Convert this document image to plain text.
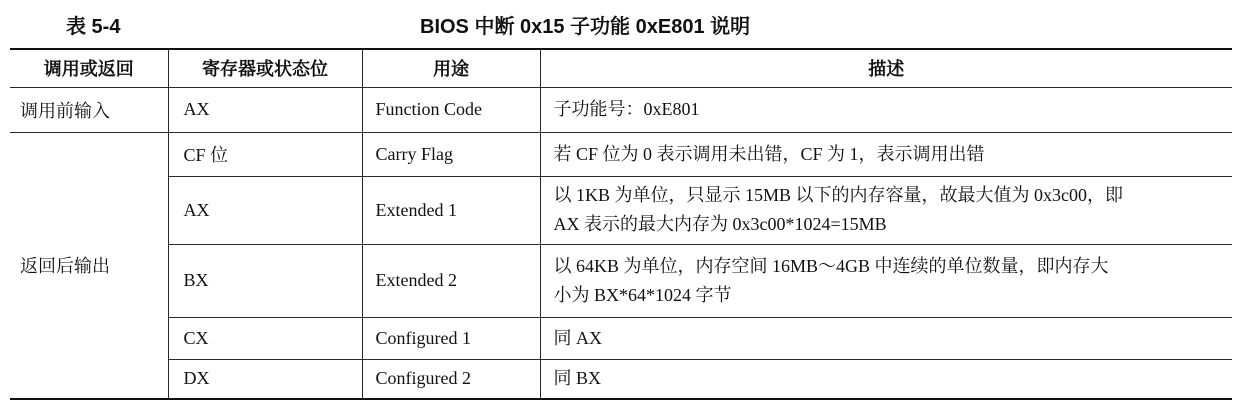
表 5-4	BIOS 中断 0x15 子功能 0xE801 说明
调用或返回	寄存器或状态位	用途	描述
调用前输入	AX	Function Code	子功能号：0xE801

返回后输出	CF 位	Carry Flag	若 CF 位为 0 表示调用未出错，CF 为 1，表示调用出错

	AX	Extended 1	以 1KB 为单位，只显示 15MB 以下的内存容量，故最大值为 0x3c00，即
AX 表示的最大内存为 0x3c00*1024=15MB

	BX	Extended 2	以 64KB 为单位，内存空间 16MB～4GB 中连续的单位数量，即内存大
小为 BX*64*1024 字节

	CX	Configured 1	同 AX

	DX	Configured 2	同 BX
